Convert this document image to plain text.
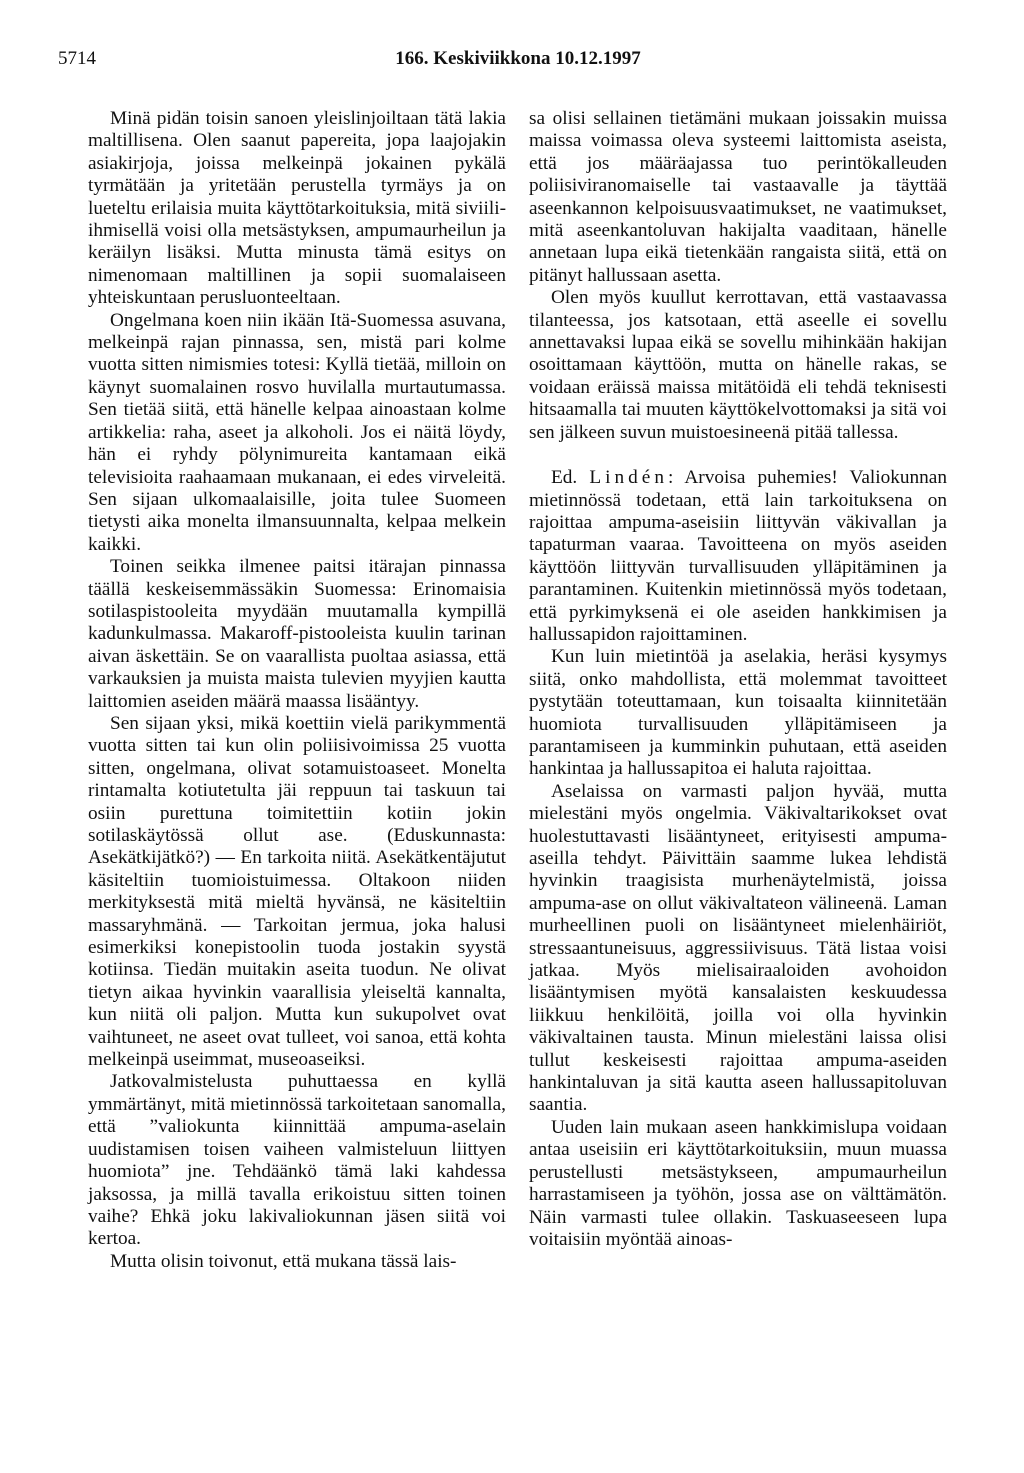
5714	166. Keskiviikkona 10.12.1997

Minä pidän toisin sanoen yleislinjoiltaan tätä lakia maltillisena. Olen saanut papereita, jopa laajojakin asiakirjoja, joissa melkeinpä jokainen pykälä tyrmätään ja yritetään perustella tyrmäys ja on lueteltu erilaisia muita käyttötarkoituksia, mitä siviili-ihmisellä voisi olla metsästyksen, ampumaurheilun ja keräilyn lisäksi. Mutta minusta tämä esitys on nimenomaan maltillinen ja sopii suomalaiseen yhteiskuntaan perusluonteeltaan.

Ongelmana koen niin ikään Itä-Suomessa asuvana, melkeinpä rajan pinnassa, sen, mistä pari kolme vuotta sitten nimismies totesi: Kyllä tietää, milloin on käynyt suomalainen rosvo huvilalla murtautumassa. Sen tietää siitä, että hänelle kelpaa ainoastaan kolme artikkelia: raha, aseet ja alkoholi. Jos ei näitä löydy, hän ei ryhdy pölynimureita kantamaan eikä televisioita raahaamaan mukanaan, ei edes virveleitä. Sen sijaan ulkomaalaisille, joita tulee Suomeen tietysti aika monelta ilmansuunnalta, kelpaa melkein kaikki.

Toinen seikka ilmenee paitsi itärajan pinnassa täällä keskeisemmässäkin Suomessa: Erinomaisia sotilaspistooleita myydään muutamalla kympillä kadunkulmassa. Makaroff-pistooleista kuulin tarinan aivan äskettäin. Se on vaarallista puoltaa asiassa, että varkauksien ja muista maista tulevien myyjien kautta laittomien aseiden määrä maassa lisääntyy.

Sen sijaan yksi, mikä koettiin vielä parikymmentä vuotta sitten tai kun olin poliisivoimissa 25 vuotta sitten, ongelmana, olivat sotamuistoaseet. Monelta rintamalta kotiutetulta jäi reppuun tai taskuun tai osiin purettuna toimitettiin kotiin jokin sotilaskäytössä ollut ase. (Eduskunnasta: Asekätkijätkö?) — En tarkoita niitä. Asekätkentäjutut käsiteltiin tuomioistuimessa. Oltakoon niiden merkityksestä mitä mieltä hyvänsä, ne käsiteltiin massaryhmänä. — Tarkoitan jermua, joka halusi esimerkiksi konepistoolin tuoda jostakin syystä kotiinsa. Tiedän muitakin aseita tuodun. Ne olivat tietyn aikaa hyvinkin vaarallisia yleiseltä kannalta, kun niitä oli paljon. Mutta kun sukupolvet ovat vaihtuneet, ne aseet ovat tulleet, voi sanoa, että kohta melkeinpä useimmat, museoaseiksi.

Jatkovalmistelusta puhuttaessa en kyllä ymmärtänyt, mitä mietinnössä tarkoitetaan sanomalla, että ”valiokunta kiinnittää ampuma-aselain uudistamisen toisen vaiheen valmisteluun liittyen huomiota” jne. Tehdäänkö tämä laki kahdessa jaksossa, ja millä tavalla erikoistuu sitten toinen vaihe? Ehkä joku lakivaliokunnan jäsen siitä voi kertoa.

Mutta olisin toivonut, että mukana tässä lais-

sa olisi sellainen tietämäni mukaan joissakin muissa maissa voimassa oleva systeemi laittomista aseista, että jos määräajassa tuo perintökalleuden poliisiviranomaiselle tai vastaavalle ja täyttää aseenkannon kelpoisuusvaatimukset, ne vaatimukset, mitä aseenkantoluvan hakijalta vaaditaan, hänelle annetaan lupa eikä tietenkään rangaista siitä, että on pitänyt hallussaan asetta.

Olen myös kuullut kerrottavan, että vastaavassa tilanteessa, jos katsotaan, että aseelle ei sovellu annettavaksi lupaa eikä se sovellu mihinkään hakijan osoittamaan käyttöön, mutta on hänelle rakas, se voidaan eräissä maissa mitätöidä eli tehdä teknisesti hitsaamalla tai muuten käyttökelvottomaksi ja sitä voi sen jälkeen suvun muistoesineenä pitää tallessa.

Ed. Lindén: Arvoisa puhemies! Valiokunnan mietinnössä todetaan, että lain tarkoituksena on rajoittaa ampuma-aseisiin liittyvän väkivallan ja tapaturman vaaraa. Tavoitteena on myös aseiden käyttöön liittyvän turvallisuuden ylläpitäminen ja parantaminen. Kuitenkin mietinnössä myös todetaan, että pyrkimyksenä ei ole aseiden hankkimisen ja hallussapidon rajoittaminen.

Kun luin mietintöä ja aselakia, heräsi kysymys siitä, onko mahdollista, että molemmat tavoitteet pystytään toteuttamaan, kun toisaalta kiinnitetään huomiota turvallisuuden ylläpitämiseen ja parantamiseen ja kumminkin puhutaan, että aseiden hankintaa ja hallussapitoa ei haluta rajoittaa.

Aselaissa on varmasti paljon hyvää, mutta mielestäni myös ongelmia. Väkivaltarikokset ovat huolestuttavasti lisääntyneet, erityisesti ampuma-aseilla tehdyt. Päivittäin saamme lukea lehdistä hyvinkin traagisista murhenäytelmistä, joissa ampuma-ase on ollut väkivaltateon välineenä. Laman murheellinen puoli on lisääntyneet mielenhäiriöt, stressaantuneisuus, aggressiivisuus. Tätä listaa voisi jatkaa. Myös mielisairaaloiden avohoidon lisääntymisen myötä kansalaisten keskuudessa liikkuu henkilöitä, joilla voi olla hyvinkin väkivaltainen tausta. Minun mielestäni laissa olisi tullut keskeisesti rajoittaa ampuma-aseiden hankintaluvan ja sitä kautta aseen hallussapitoluvan saantia.

Uuden lain mukaan aseen hankkimislupa voidaan antaa useisiin eri käyttötarkoituksiin, muun muassa perustellusti metsästykseen, ampumaurheilun harrastamiseen ja työhön, jossa ase on välttämätön. Näin varmasti tulee ollakin. Taskuaseeseen lupa voitaisiin myöntää ainoas-
